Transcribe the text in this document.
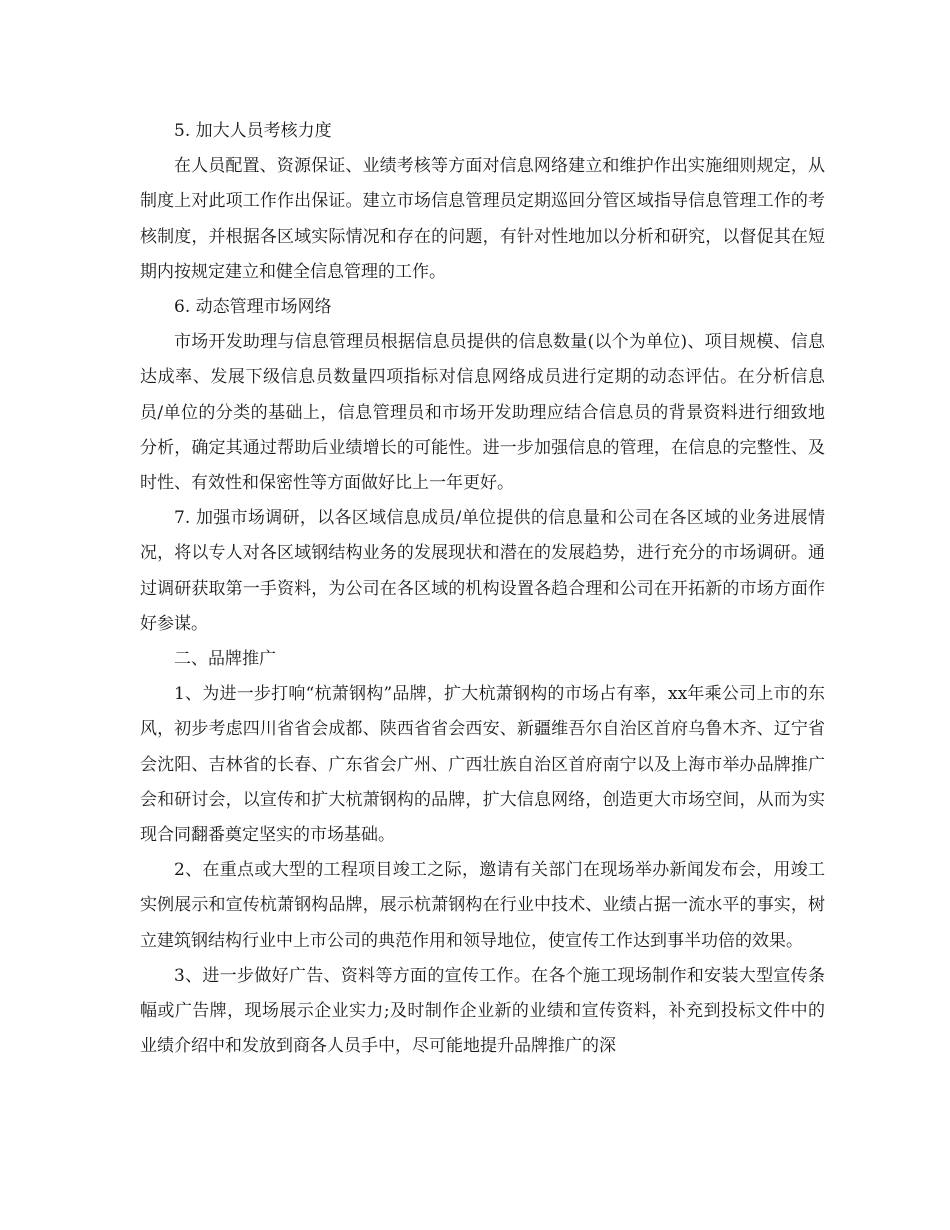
5. 加大人员考核力度

在人员配置、资源保证、业绩考核等方面对信息网络建立和维护作出实施细则规定，从制度上对此项工作作出保证。建立市场信息管理员定期巡回分管区域指导信息管理工作的考核制度，并根据各区域实际情况和存在的问题，有针对性地加以分析和研究，以督促其在短期内按规定建立和健全信息管理的工作。

6. 动态管理市场网络

市场开发助理与信息管理员根据信息员提供的信息数量(以个为单位)、项目规模、信息达成率、发展下级信息员数量四项指标对信息网络成员进行定期的动态评估。在分析信息员/单位的分类的基础上，信息管理员和市场开发助理应结合信息员的背景资料进行细致地分析，确定其通过帮助后业绩增长的可能性。进一步加强信息的管理，在信息的完整性、及时性、有效性和保密性等方面做好比上一年更好。

7. 加强市场调研，以各区域信息成员/单位提供的信息量和公司在各区域的业务进展情况，将以专人对各区域钢结构业务的发展现状和潜在的发展趋势，进行充分的市场调研。通过调研获取第一手资料，为公司在各区域的机构设置各趋合理和公司在开拓新的市场方面作好参谋。

二、品牌推广

1、为进一步打响“杭萧钢构”品牌，扩大杭萧钢构的市场占有率，xx年乘公司上市的东风，初步考虑四川省省会成都、陕西省省会西安、新疆维吾尔自治区首府乌鲁木齐、辽宁省会沈阳、吉林省的长春、广东省会广州、广西壮族自治区首府南宁以及上海市举办品牌推广会和研讨会，以宣传和扩大杭萧钢构的品牌，扩大信息网络，创造更大市场空间，从而为实现合同翻番奠定坚实的市场基础。

2、在重点或大型的工程项目竣工之际，邀请有关部门在现场举办新闻发布会，用竣工实例展示和宣传杭萧钢构品牌，展示杭萧钢构在行业中技术、业绩占据一流水平的事实，树立建筑钢结构行业中上市公司的典范作用和领导地位，使宣传工作达到事半功倍的效果。

3、进一步做好广告、资料等方面的宣传工作。在各个施工现场制作和安装大型宣传条幅或广告牌，现场展示企业实力;及时制作企业新的业绩和宣传资料，补充到投标文件中的业绩介绍中和发放到商各人员手中，尽可能地提升品牌推广的深
